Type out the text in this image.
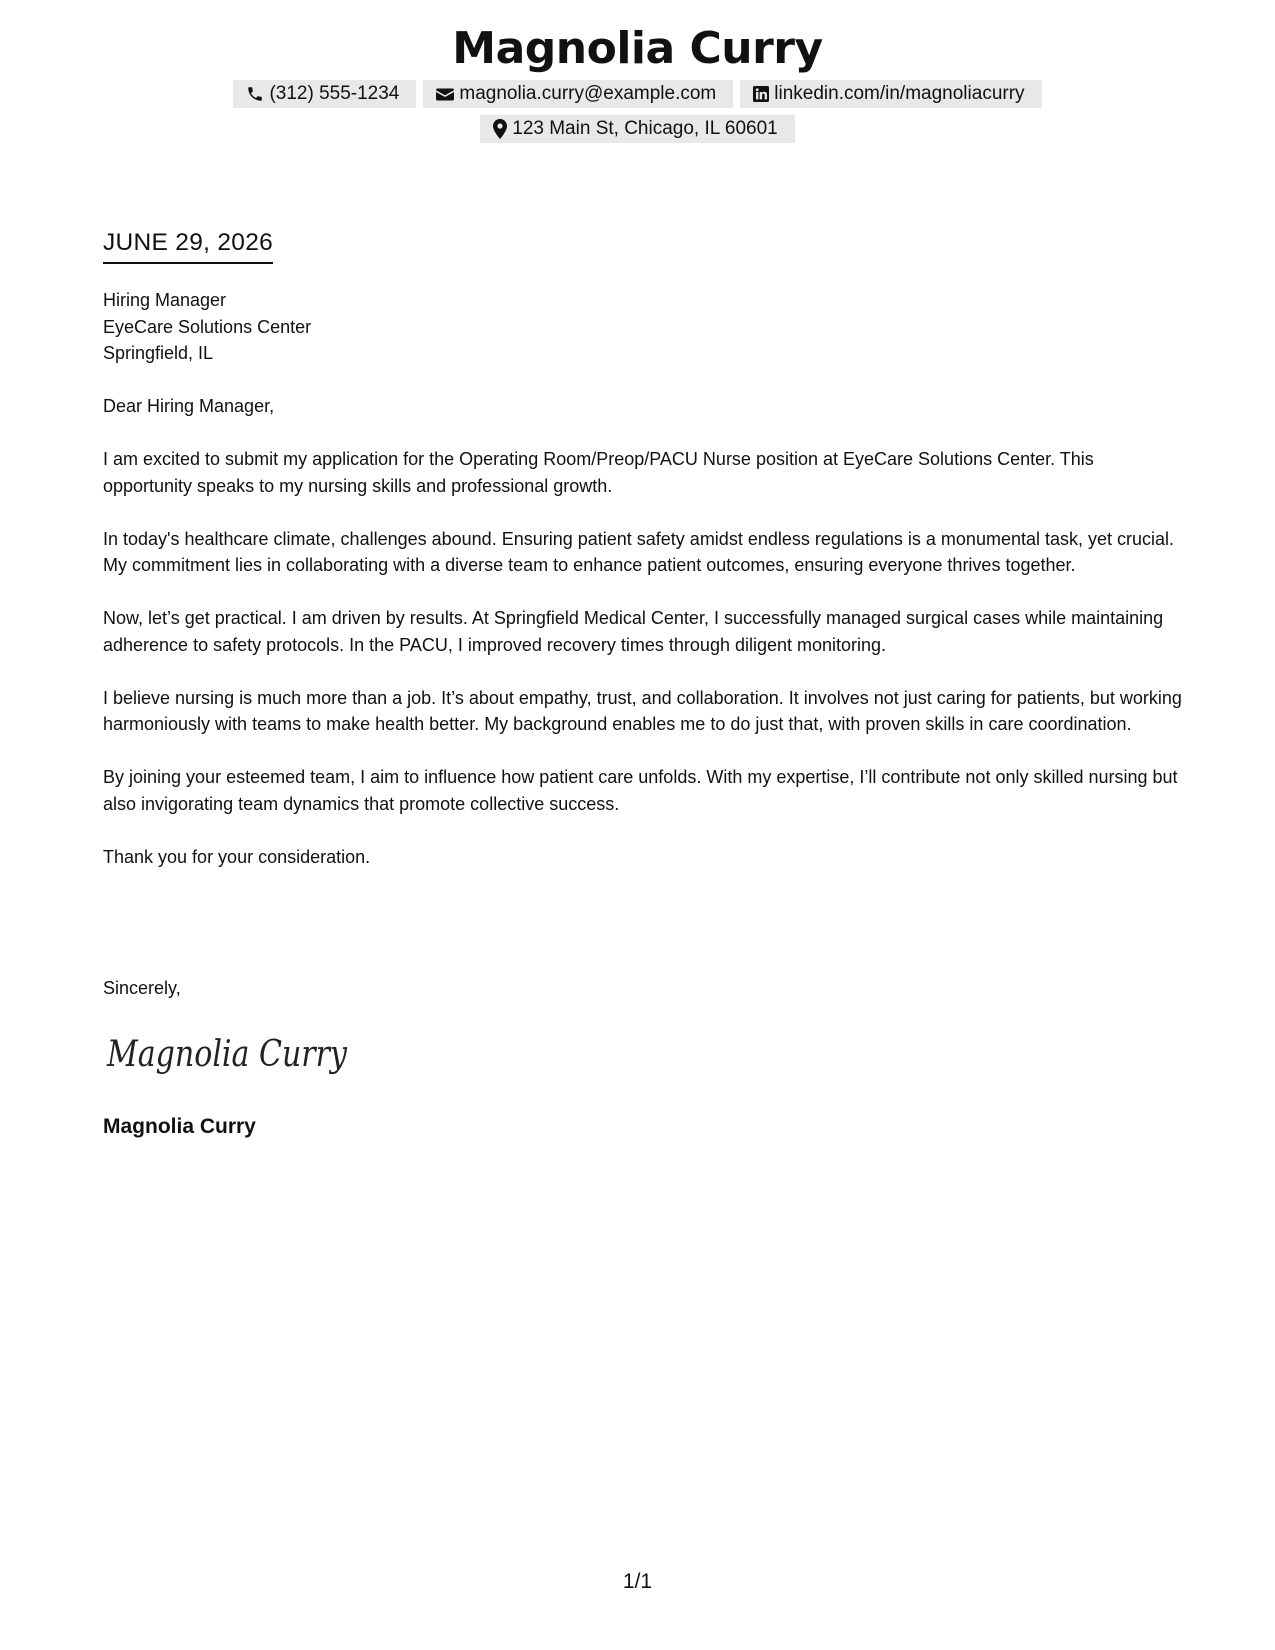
Magnolia Curry
(312) 555-1234	magnolia.curry@example.com	linkedin.com/in/magnoliacurry
123 Main St, Chicago, IL 60601
JUNE 29, 2026
Hiring Manager
EyeCare Solutions Center
Springfield, IL

Dear Hiring Manager,

I am excited to submit my application for the Operating Room/Preop/PACU Nurse position at EyeCare Solutions Center. This opportunity speaks to my nursing skills and professional growth.

In today's healthcare climate, challenges abound. Ensuring patient safety amidst endless regulations is a monumental task, yet crucial. My commitment lies in collaborating with a diverse team to enhance patient outcomes, ensuring everyone thrives together.

Now, let’s get practical. I am driven by results. At Springfield Medical Center, I successfully managed surgical cases while maintaining adherence to safety protocols. In the PACU, I improved recovery times through diligent monitoring.

I believe nursing is much more than a job. It’s about empathy, trust, and collaboration. It involves not just caring for patients, but working harmoniously with teams to make health better. My background enables me to do just that, with proven skills in care coordination.

By joining your esteemed team, I aim to influence how patient care unfolds. With my expertise, I’ll contribute not only skilled nursing but also invigorating team dynamics that promote collective success.

Thank you for your consideration.

Sincerely,
Magnolia Curry
Magnolia Curry
1/1
